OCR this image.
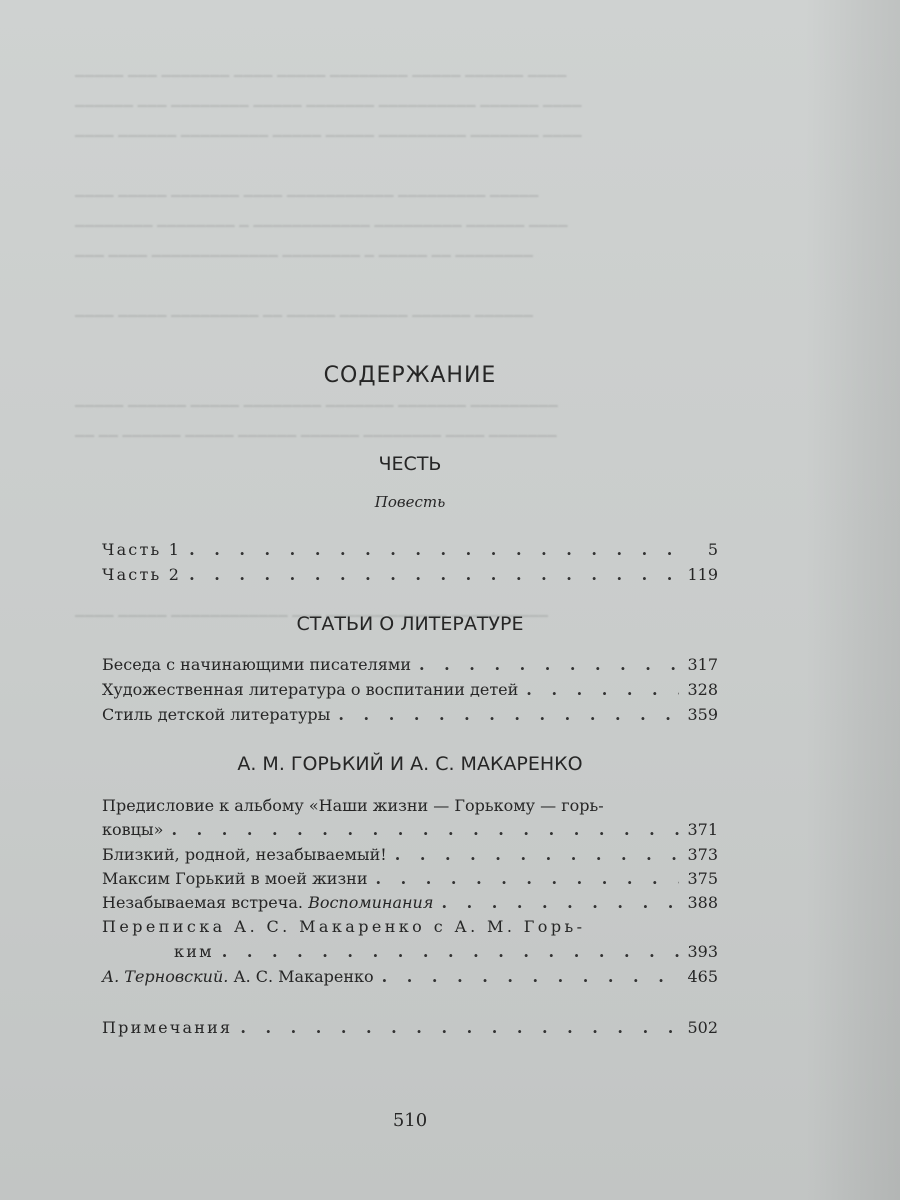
▁▁▁▁▁ ▁▁▁ ▁▁▁▁▁▁▁ ▁▁▁▁ ▁▁▁▁▁ ▁▁▁▁▁▁▁▁ ▁▁▁▁▁ ▁▁▁▁▁▁ ▁▁▁▁
▁▁▁▁▁▁ ▁▁▁ ▁▁▁▁▁▁▁▁ ▁▁▁▁▁ ▁▁▁▁▁▁▁ ▁▁▁▁▁▁▁▁▁▁ ▁▁▁▁▁▁ ▁▁▁▁
▁▁▁▁ ▁▁▁▁▁▁ ▁▁▁▁▁▁▁▁▁ ▁▁▁▁▁ ▁▁▁▁▁ ▁▁▁▁▁▁▁▁▁ ▁▁▁▁▁▁▁ ▁▁▁▁
▁▁▁▁ ▁▁▁▁▁ ▁▁▁▁▁▁▁ ▁▁▁▁ ▁▁▁▁▁▁▁▁▁▁▁ ▁▁▁▁▁▁▁▁▁ ▁▁▁▁▁
▁▁▁▁▁▁▁▁ ▁▁▁▁▁▁▁▁ ▁ ▁▁▁▁▁▁▁▁▁▁▁▁ ▁▁▁▁▁▁▁▁▁ ▁▁▁▁▁▁ ▁▁▁▁
▁▁▁ ▁▁▁▁ ▁▁▁▁▁▁▁▁▁▁▁▁▁ ▁▁▁▁▁▁▁▁ ▁ ▁▁▁▁▁ ▁▁ ▁▁▁▁▁▁▁▁
▁▁▁▁ ▁▁▁▁▁ ▁▁▁▁▁▁▁▁▁ ▁▁ ▁▁▁▁▁ ▁▁▁▁▁▁▁ ▁▁▁▁▁▁ ▁▁▁▁▁▁
▁▁▁▁▁ ▁▁▁▁▁▁ ▁▁▁▁▁ ▁▁▁▁▁▁▁▁ ▁▁▁▁▁▁▁ ▁▁▁▁▁▁▁ ▁▁▁▁▁▁▁▁▁
▁▁ ▁▁ ▁▁▁▁▁▁ ▁▁▁▁▁ ▁▁▁▁▁▁ ▁▁▁▁▁▁ ▁▁▁▁▁▁▁▁ ▁▁▁▁ ▁▁▁▁▁▁▁
▁▁▁▁ ▁▁▁▁▁ ▁▁▁▁▁▁▁▁▁▁▁▁ ▁▁▁ ▁▁▁▁▁▁ ▁▁▁▁▁▁ ▁▁▁▁▁▁▁▁▁▁
СОДЕРЖАНИЕ
ЧЕСТЬ
Повесть
Часть 1 . . .	5
Часть 2 . . .	119
СТАТЬИ О ЛИТЕРАТУРЕ
Беседа с начинающими писателями . . .	317
Художественная литература о воспитании детей . . .	328
Стиль детской литературы . . .	359
А. М. ГОРЬКИЙ И А. С. МАКАРЕНКО
Предисловие к альбому «Наши жизни — Горькому — горь-
ковцы» . . .	371
Близкий, родной, незабываемый! . . .	373
Максим Горький в моей жизни . . .	375
Незабываемая встреча. Воспоминания . . .	388
Переписка А. С. Макаренко с А. М. Горь-
ким . . .	393
А. Терновский. А. С. Макаренко . . .	465
Примечания . . .	502
510
